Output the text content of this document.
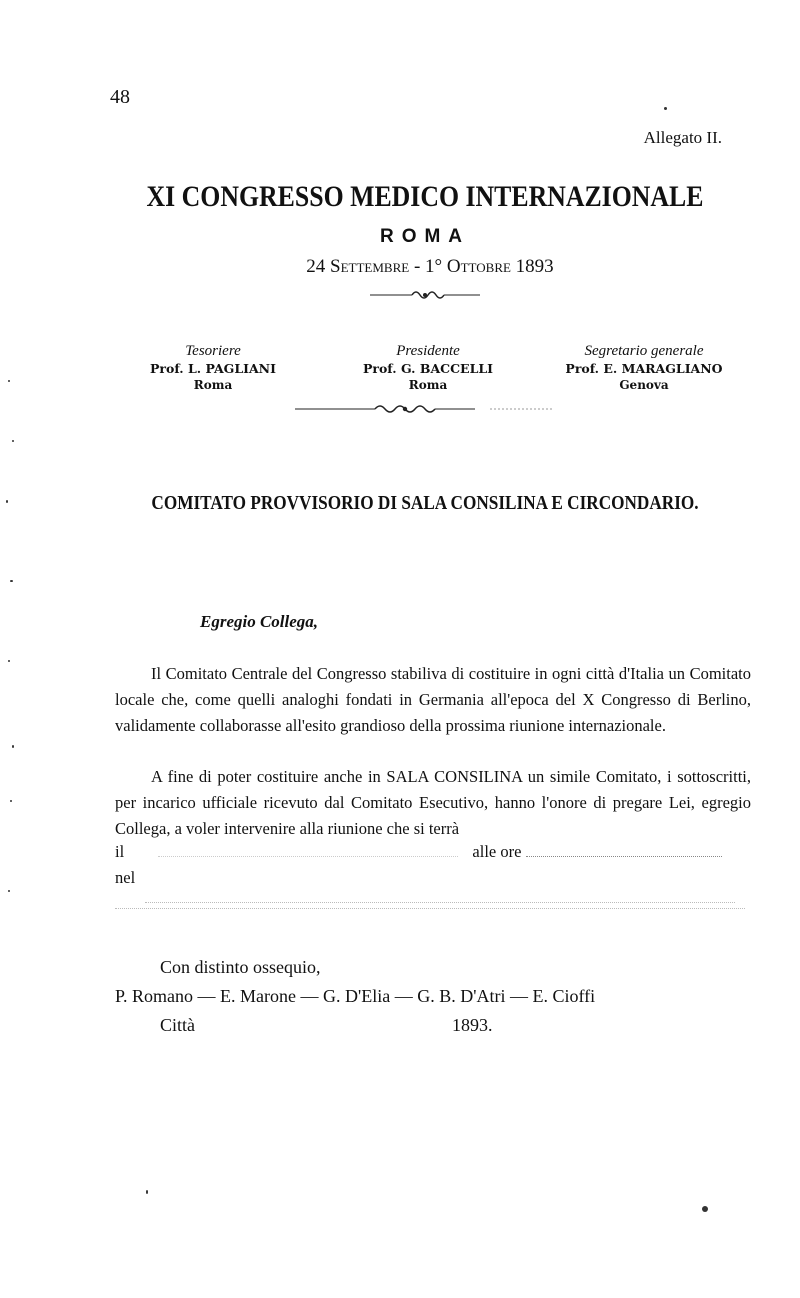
48
Allegato II.
XI CONGRESSO MEDICO INTERNAZIONALE
ROMA
24 Settembre - 1° Ottobre 1893
Tesoriere
Prof. L. PAGLIANI
Roma
Presidente
Prof. G. BACCELLI
Roma
Segretario generale
Prof. E. MARAGLIANO
Genova
COMITATO PROVVISORIO DI SALA CONSILINA E CIRCONDARIO.
Egregio Collega,

Il Comitato Centrale del Congresso stabiliva di costituire in ogni città d'Italia un Comitato locale che, come quelli analoghi fondati in Germania all'epoca del X Congresso di Berlino, validamente collaborasse all'esito grandioso della prossima riunione internazionale.

A fine di poter costituire anche in SALA CONSILINA un simile Comitato, i sottoscritti, per incarico ufficiale ricevuto dal Comitato Esecutivo, hanno l'onore di pregare Lei, egregio Collega, a voler intervenire alla riunione che si terrà

il	alle ore
nel
Con distinto ossequio,
P. Romano — E. Marone — G. D'Elia — G. B. D'Atri — E. Cioffi
Città	1893.
